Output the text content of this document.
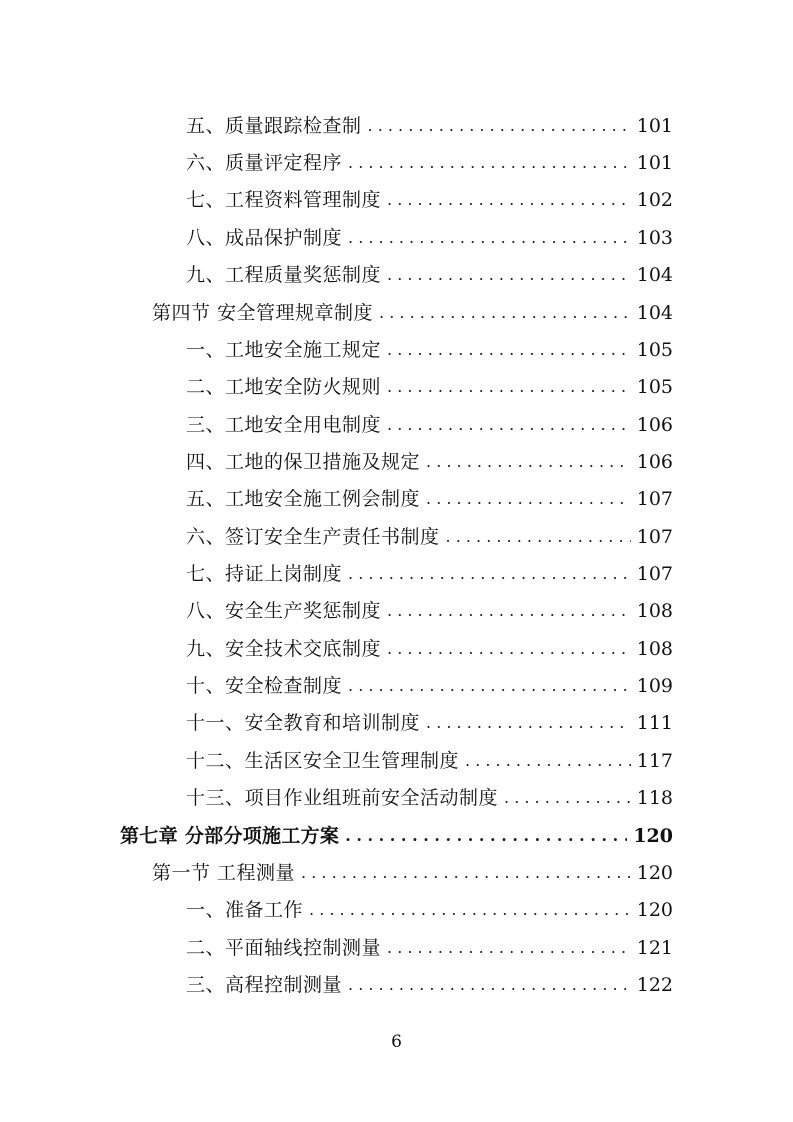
五、质量跟踪检查制 . . .	101
六、质量评定程序 . . .	101
七、工程资料管理制度 . . .	102
八、成品保护制度 . . .	103
九、工程质量奖惩制度 . . .	104
第四节 安全管理规章制度 . . .	104
一、工地安全施工规定 . . .	105
二、工地安全防火规则 . . .	105
三、工地安全用电制度 . . .	106
四、工地的保卫措施及规定 . . .	106
五、工地安全施工例会制度 . . .	107
六、签订安全生产责任书制度 . . .	107
七、持证上岗制度 . . .	107
八、安全生产奖惩制度 . . .	108
九、安全技术交底制度 . . .	108
十、安全检查制度 . . .	109
十一、安全教育和培训制度 . . .	111
十二、生活区安全卫生管理制度 . . .	117
十三、项目作业组班前安全活动制度 . . .	118
第七章 分部分项施工方案 . . .	120
第一节 工程测量 . . .	120
一、准备工作 . . .	120
二、平面轴线控制测量 . . .	121
三、高程控制测量 . . .	122
6
